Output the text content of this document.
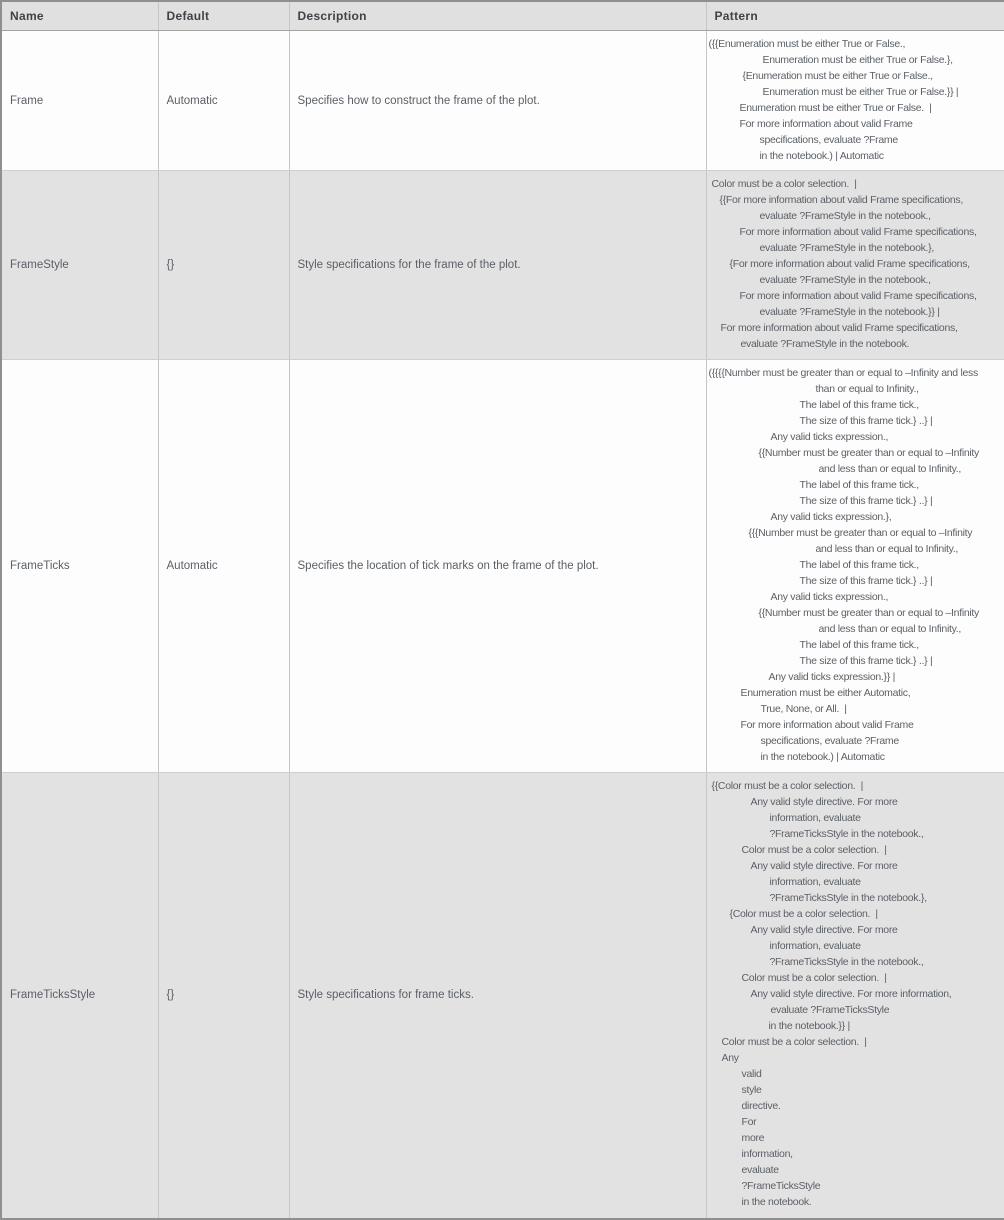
Name	Default	Description	Pattern
Frame	Automatic	Specifies how to construct the frame of the plot.	
({{Enumeration must be either True or False.,
Enumeration must be either True or False.},
{Enumeration must be either True or False.,
Enumeration must be either True or False.}} |
Enumeration must be either True or False.  |
For more information about valid Frame
specifications, evaluate ?Frame
in the notebook.) | Automatic

FrameStyle	{}	Style specifications for the frame of the plot.	
Color must be a color selection.  |
{{For more information about valid Frame specifications,
evaluate ?FrameStyle in the notebook.,
For more information about valid Frame specifications,
evaluate ?FrameStyle in the notebook.},
{For more information about valid Frame specifications,
evaluate ?FrameStyle in the notebook.,
For more information about valid Frame specifications,
evaluate ?FrameStyle in the notebook.}} |
For more information about valid Frame specifications,
evaluate ?FrameStyle in the notebook.

FrameTicks	Automatic	Specifies the location of tick marks on the frame of the plot.	
({{{{Number must be greater than or equal to –Infinity and less
than or equal to Infinity.,
The label of this frame tick.,
The size of this frame tick.} ..} |
Any valid ticks expression.,
{{Number must be greater than or equal to –Infinity
and less than or equal to Infinity.,
The label of this frame tick.,
The size of this frame tick.} ..} |
Any valid ticks expression.},
{{{Number must be greater than or equal to –Infinity
and less than or equal to Infinity.,
The label of this frame tick.,
The size of this frame tick.} ..} |
Any valid ticks expression.,
{{Number must be greater than or equal to –Infinity
and less than or equal to Infinity.,
The label of this frame tick.,
The size of this frame tick.} ..} |
Any valid ticks expression.}} |
Enumeration must be either Automatic,
True, None, or All.  |
For more information about valid Frame
specifications, evaluate ?Frame
in the notebook.) | Automatic

FrameTicksStyle	{}	Style specifications for frame ticks.	
{{Color must be a color selection.  |
Any valid style directive. For more
information, evaluate
?FrameTicksStyle in the notebook.,
Color must be a color selection.  |
Any valid style directive. For more
information, evaluate
?FrameTicksStyle in the notebook.},
{Color must be a color selection.  |
Any valid style directive. For more
information, evaluate
?FrameTicksStyle in the notebook.,
Color must be a color selection.  |
Any valid style directive. For more information,
evaluate ?FrameTicksStyle
in the notebook.}} |
Color must be a color selection.  |
Any
valid
style
directive.
For
more
information,
evaluate
?FrameTicksStyle
in the notebook.
